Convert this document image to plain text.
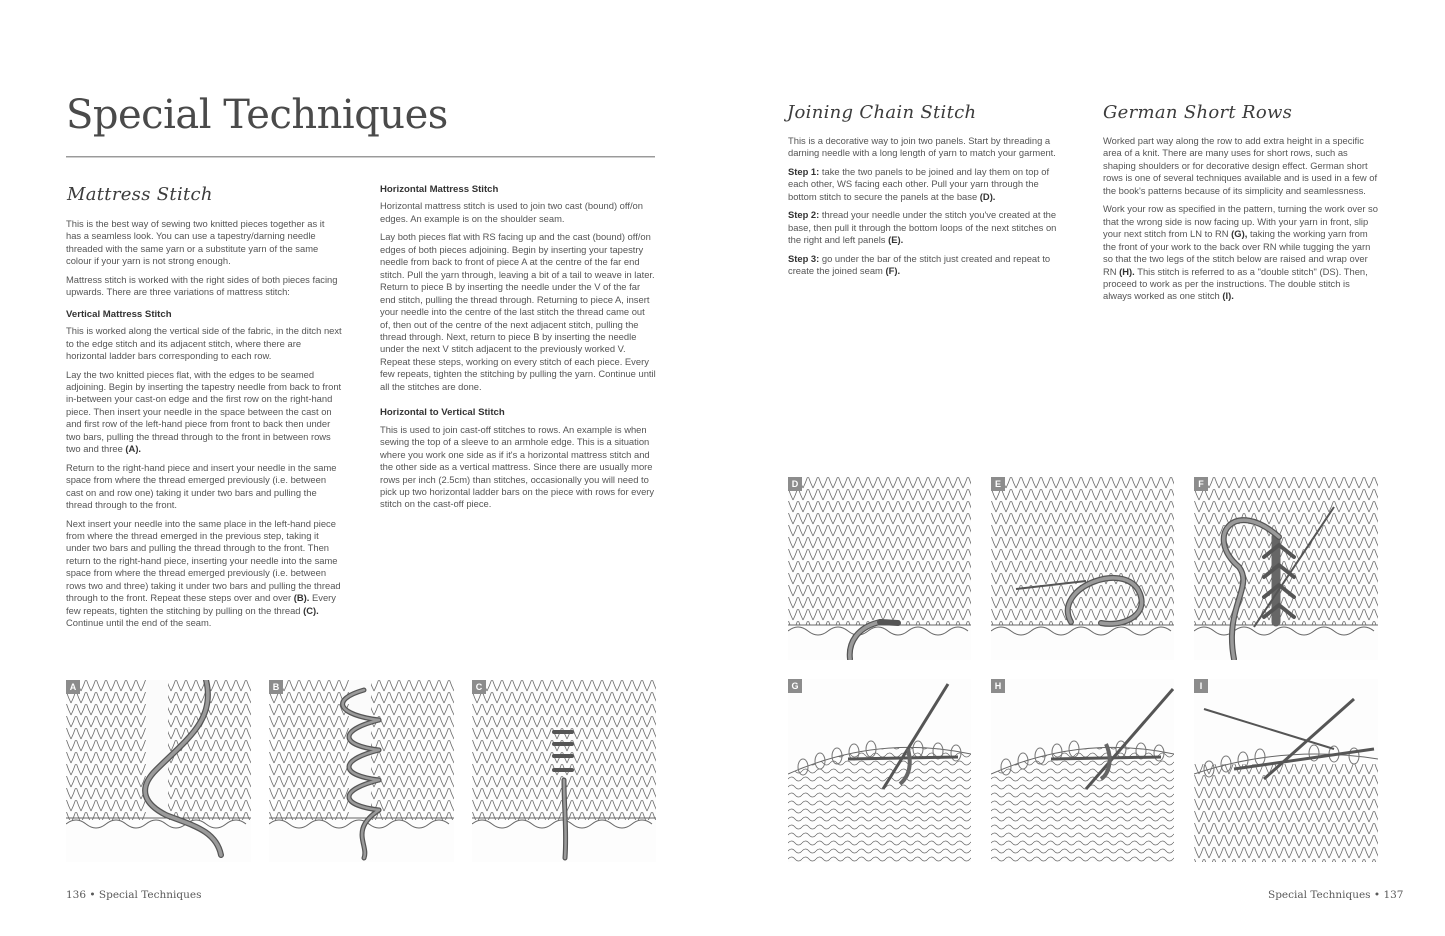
Special Techniques
Mattress Stitch

This is the best way of sewing two knitted pieces together as it has a seamless look. You can use a tapestry/darning needle threaded with the same yarn or a substitute yarn of the same colour if your yarn is not strong enough.

Mattress stitch is worked with the right sides of both pieces facing upwards. There are three variations of mattress stitch:

Vertical Mattress Stitch

This is worked along the vertical side of the fabric, in the ditch next to the edge stitch and its adjacent stitch, where there are horizontal ladder bars corresponding to each row.

Lay the two knitted pieces flat, with the edges to be seamed adjoining. Begin by inserting the tapestry needle from back to front in-between your cast-on edge and the first row on the right-hand piece. Then insert your needle in the space between the cast on and first row of the left-hand piece from front to back then under two bars, pulling the thread through to the front in between rows two and three (A).

Return to the right-hand piece and insert your needle in the same space from where the thread emerged previously (i.e. between cast on and row one) taking it under two bars and pulling the thread through to the front.

Next insert your needle into the same place in the left-hand piece from where the thread emerged in the previous step, taking it under two bars and pulling the thread through to the front. Then return to the right-hand piece, inserting your needle into the same space from where the thread emerged previously (i.e. between rows two and three) taking it under two bars and pulling the thread through to the front. Repeat these steps over and over (B). Every few repeats, tighten the stitching by pulling on the thread (C). Continue until the end of the seam.

Horizontal Mattress Stitch

Horizontal mattress stitch is used to join two cast (bound) off/on edges. An example is on the shoulder seam.

Lay both pieces flat with RS facing up and the cast (bound) off/on edges of both pieces adjoining. Begin by inserting your tapestry needle from back to front of piece A at the centre of the far end stitch. Pull the yarn through, leaving a bit of a tail to weave in later. Return to piece B by inserting the needle under the V of the far end stitch, pulling the thread through. Returning to piece A, insert your needle into the centre of the last stitch the thread came out of, then out of the centre of the next adjacent stitch, pulling the thread through. Next, return to piece B by inserting the needle under the next V stitch adjacent to the previously worked V. Repeat these steps, working on every stitch of each piece. Every few repeats, tighten the stitching by pulling the yarn. Continue until all the stitches are done.

Horizontal to Vertical Stitch

This is used to join cast-off stitches to rows. An example is when sewing the top of a sleeve to an armhole edge. This is a situation where you work one side as if it's a horizontal mattress stitch and the other side as a vertical mattress. Since there are usually more rows per inch (2.5cm) than stitches, occasionally you will need to pick up two horizontal ladder bars on the piece with rows for every stitch on the cast-off piece.

A	B	C
136 • Special Techniques
Joining Chain Stitch

This is a decorative way to join two panels. Start by threading a darning needle with a long length of yarn to match your garment.

Step 1: take the two panels to be joined and lay them on top of each other, WS facing each other. Pull your yarn through the bottom stitch to secure the panels at the base (D).

Step 2: thread your needle under the stitch you've created at the base, then pull it through the bottom loops of the next stitches on the right and left panels (E).

Step 3: go under the bar of the stitch just created and repeat to create the joined seam (F).

German Short Rows

Worked part way along the row to add extra height in a specific area of a knit. There are many uses for short rows, such as shaping shoulders or for decorative design effect. German short rows is one of several techniques available and is used in a few of the book's patterns because of its simplicity and seamlessness.

Work your row as specified in the pattern, turning the work over so that the wrong side is now facing up. With your yarn in front, slip your next stitch from LN to RN (G), taking the working yarn from the front of your work to the back over RN while tugging the yarn so that the two legs of the stitch below are raised and wrap over RN (H). This stitch is referred to as a "double stitch" (DS). Then, proceed to work as per the instructions. The double stitch is always worked as one stitch (I).

D	E	F
G	H	I
Special Techniques • 137
